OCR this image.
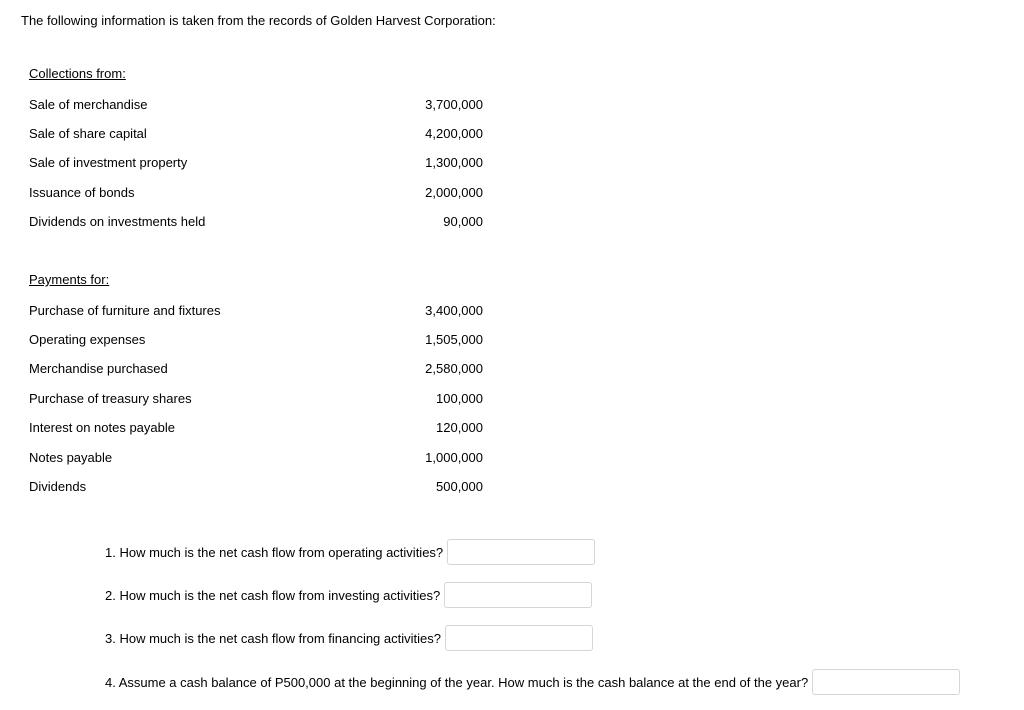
The following information is taken from the records of Golden Harvest Corporation:
Collections from:
Sale of merchandise	3,700,000
Sale of share capital	4,200,000
Sale of investment property	1,300,000
Issuance of bonds	2,000,000
Dividends on investments held	90,000
Payments for:
Purchase of furniture and fixtures	3,400,000
Operating expenses	1,505,000
Merchandise purchased	2,580,000
Purchase of treasury shares	100,000
Interest on notes payable	120,000
Notes payable	1,000,000
Dividends	500,000
1. How much is the net cash flow from operating activities?
2. How much is the net cash flow from investing activities?
3. How much is the net cash flow from financing activities?
4. Assume a cash balance of P500,000 at the beginning of the year. How much is the cash balance at the end of the year?
